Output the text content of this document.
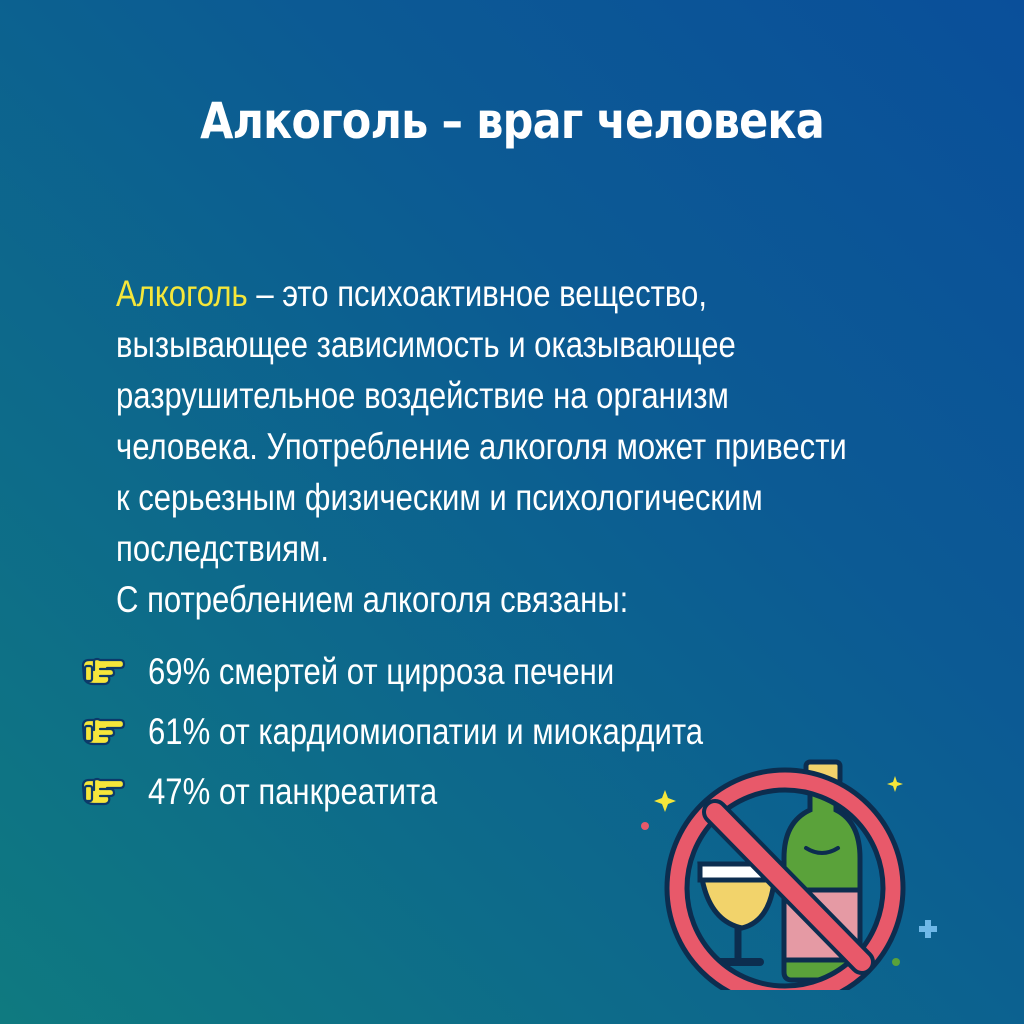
Алкоголь – враг человека
Алкоголь – это психоактивное вещество,
вызывающее зависимость и оказывающее
разрушительное воздействие на организм
человека. Употребление алкоголя может привести
к серьезным физическим и психологическим
последствиям.
С потреблением алкоголя связаны:
69% смертей от цирроза печени
61% от кардиомиопатии и миокардита
47% от панкреатита
